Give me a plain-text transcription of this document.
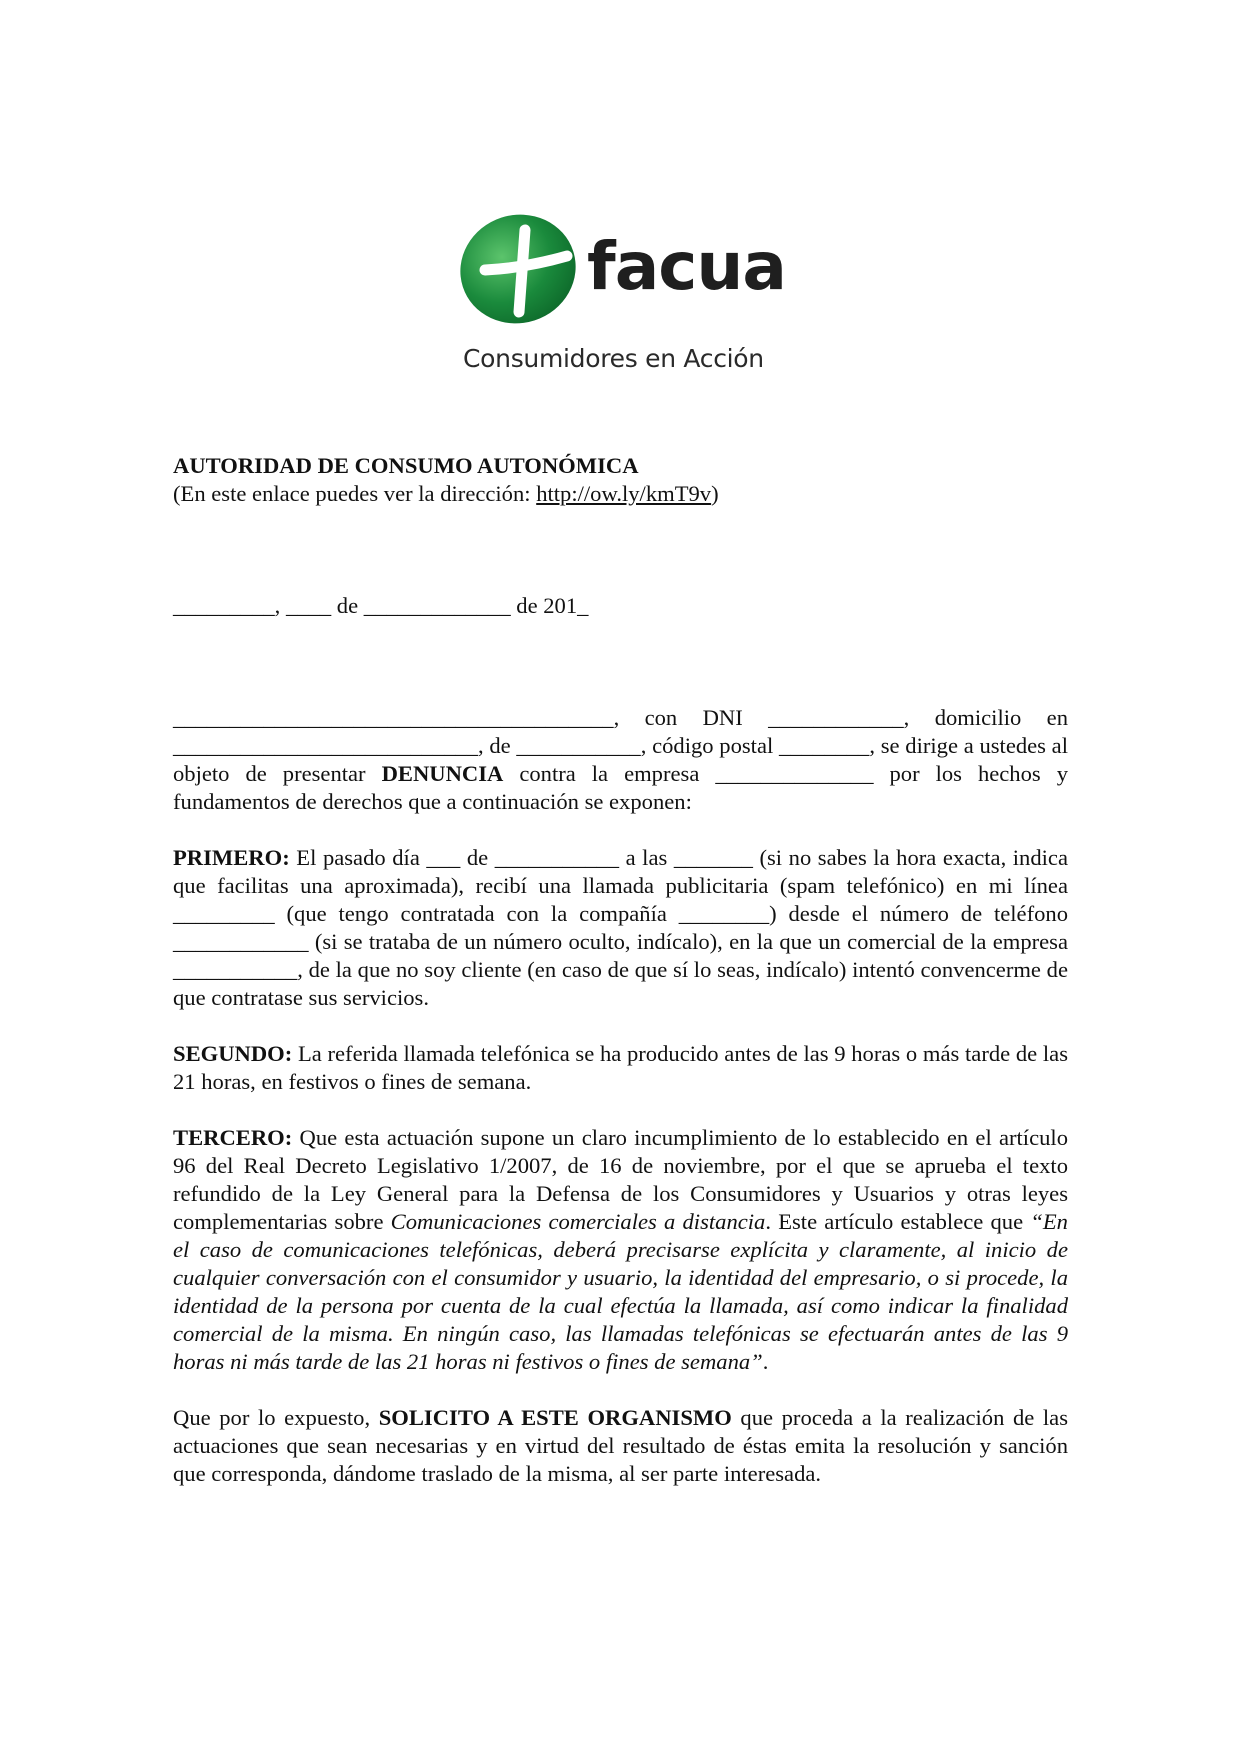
facua
Consumidores en Acción

AUTORIDAD DE CONSUMO AUTONÓMICA

(En este enlace puedes ver la dirección: http://ow.ly/kmT9v)

_________, ____ de _____________ de 201_

_______________________________________, con DNI ____________, domicilio en ___________________________, de ___________, código postal ________, se dirige a ustedes al objeto de presentar DENUNCIA contra la empresa ______________ por los hechos y fundamentos de derechos que a continuación se exponen:

PRIMERO: El pasado día ___ de ___________ a las _______ (si no sabes la hora exacta, indica que facilitas una aproximada), recibí una llamada publicitaria (spam telefónico) en mi línea _________ (que tengo contratada con la compañía ________) desde el número de teléfono ____________ (si se trataba de un número oculto, indícalo), en la que un comercial de la empresa ___________, de la que no soy cliente (en caso de que sí lo seas, indícalo) intentó convencerme de que contratase sus servicios.

SEGUNDO: La referida llamada telefónica se ha producido antes de las 9 horas o más tarde de las 21 horas, en festivos o fines de semana.

TERCERO: Que esta actuación supone un claro incumplimiento de lo establecido en el artículo 96 del Real Decreto Legislativo 1/2007, de 16 de noviembre, por el que se aprueba el texto refundido de la Ley General para la Defensa de los Consumidores y Usuarios y otras leyes complementarias sobre Comunicaciones comerciales a distancia. Este artículo establece que “En el caso de comunicaciones telefónicas, deberá precisarse explícita y claramente, al inicio de cualquier conversación con el consumidor y usuario, la identidad del empresario, o si procede, la identidad de la persona por cuenta de la cual efectúa la llamada, así como indicar la finalidad comercial de la misma. En ningún caso, las llamadas telefónicas se efectuarán antes de las 9 horas ni más tarde de las 21 horas ni festivos o fines de semana”.

Que por lo expuesto, SOLICITO A ESTE ORGANISMO que proceda a la realización de las actuaciones que sean necesarias y en virtud del resultado de éstas emita la resolución y sanción que corresponda, dándome traslado de la misma, al ser parte interesada.
